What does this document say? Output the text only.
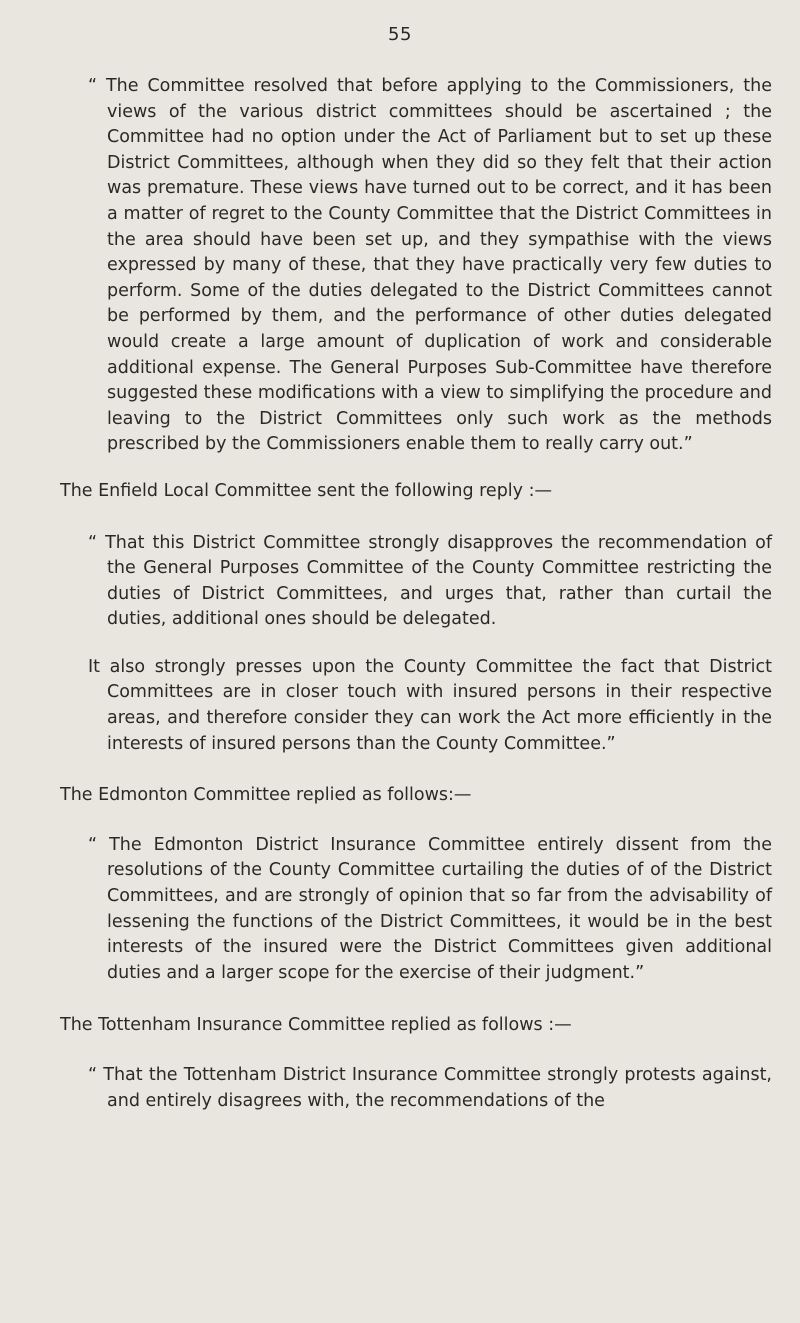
55

“ The Committee resolved that before applying to the Commissioners, the views of the various district committees should be ascertained ; the Committee had no option under the Act of Parliament but to set up these District Committees, although when they did so they felt that their action was premature. These views have turned out to be correct, and it has been a matter of regret to the County Committee that the District Committees in the area should have been set up, and they sympathise with the views expressed by many of these, that they have practically very few duties to perform. Some of the duties delegated to the District Committees cannot be performed by them, and the performance of other duties delegated would create a large amount of duplication of work and considerable additional expense. The General Purposes Sub-Committee have therefore suggested these modifications with a view to simplifying the procedure and leaving to the District Committees only such work as the methods prescribed by the Commissioners enable them to really carry out.”

The Enfield Local Committee sent the following reply :—

“ That this District Committee strongly disapproves the recommendation of the General Purposes Committee of the County Committee restricting the duties of District Committees, and urges that, rather than curtail the duties, additional ones should be delegated.

It also strongly presses upon the County Committee the fact that District Committees are in closer touch with insured persons in their respective areas, and therefore consider they can work the Act more efficiently in the interests of insured persons than the County Committee.”

The Edmonton Committee replied as follows:—

“ The Edmonton District Insurance Committee entirely dissent from the resolutions of the County Committee curtailing the duties of of the District Committees, and are strongly of opinion that so far from the advisability of lessening the functions of the District Committees, it would be in the best interests of the insured were the District Committees given additional duties and a larger scope for the exercise of their judgment.”

The Tottenham Insurance Committee replied as follows :—

“ That the Tottenham District Insurance Committee strongly protests against, and entirely disagrees with, the recommendations of the
